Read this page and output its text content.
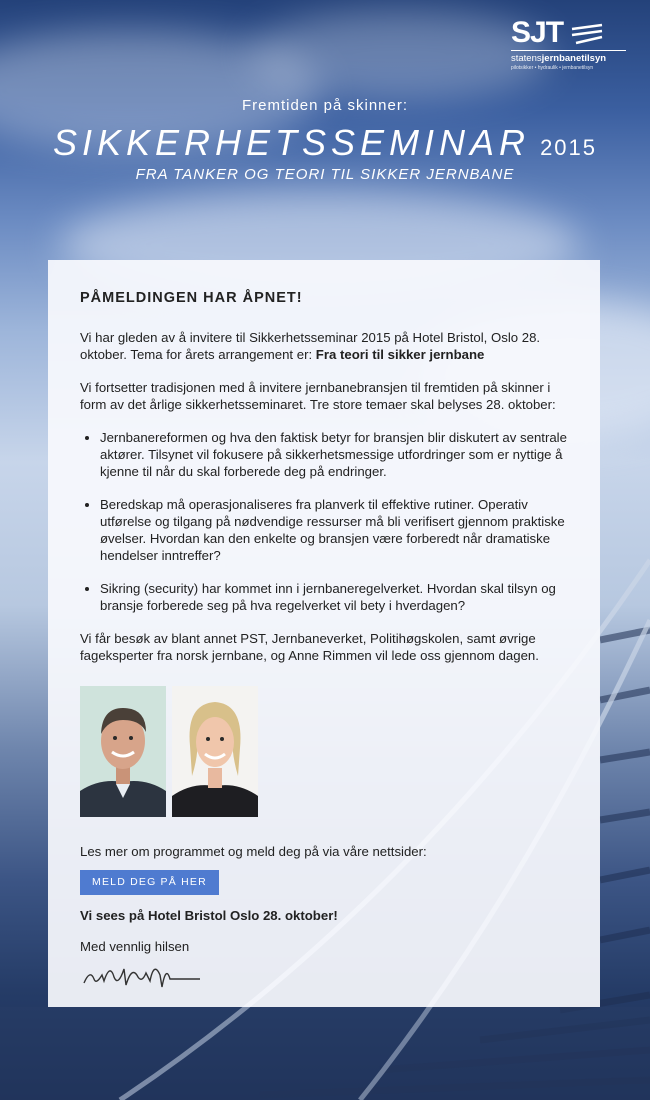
SJT
statensjernbanetilsyn
pilotsikker • hydraulik • jernbanetilsyn
Fremtiden på skinner:
SIKKERHETSSEMINAR 2015
FRA TANKER OG TEORI TIL SIKKER JERNBANE
PÅMELDINGEN HAR ÅPNET!

Vi har gleden av å invitere til Sikkerhetsseminar 2015 på Hotel Bristol, Oslo 28. oktober. Tema for årets arrangement er: Fra teori til sikker jernbane

Vi fortsetter tradisjonen med å invitere jernbanebransjen til fremtiden på skinner i form av det årlige sikkerhetsseminaret. Tre store temaer skal belyses 28. oktober:

• Jernbanereformen og hva den faktisk betyr for bransjen blir diskutert av sentrale aktører. Tilsynet vil fokusere på sikkerhetsmessige utfordringer som er nyttige å kjenne til når du skal forberede deg på endringer.
• Beredskap må operasjonaliseres fra planverk til effektive rutiner. Operativ utførelse og tilgang på nødvendige ressurser må bli verifisert gjennom praktiske øvelser. Hvordan kan den enkelte og bransjen være forberedt når dramatiske hendelser inntreffer?
• Sikring (security) har kommet inn i jernbaneregelverket. Hvordan skal tilsyn og bransje forberede seg på hva regelverket vil bety i hverdagen?

Vi får besøk av blant annet PST, Jernbaneverket, Politihøgskolen, samt øvrige fageksperter fra norsk jernbane, og Anne Rimmen vil lede oss gjennom dagen.

Les mer om programmet og meld deg på via våre nettsider:

MELD DEG PÅ HER
Vi sees på Hotel Bristol Oslo 28. oktober!
Med vennlig hilsen
